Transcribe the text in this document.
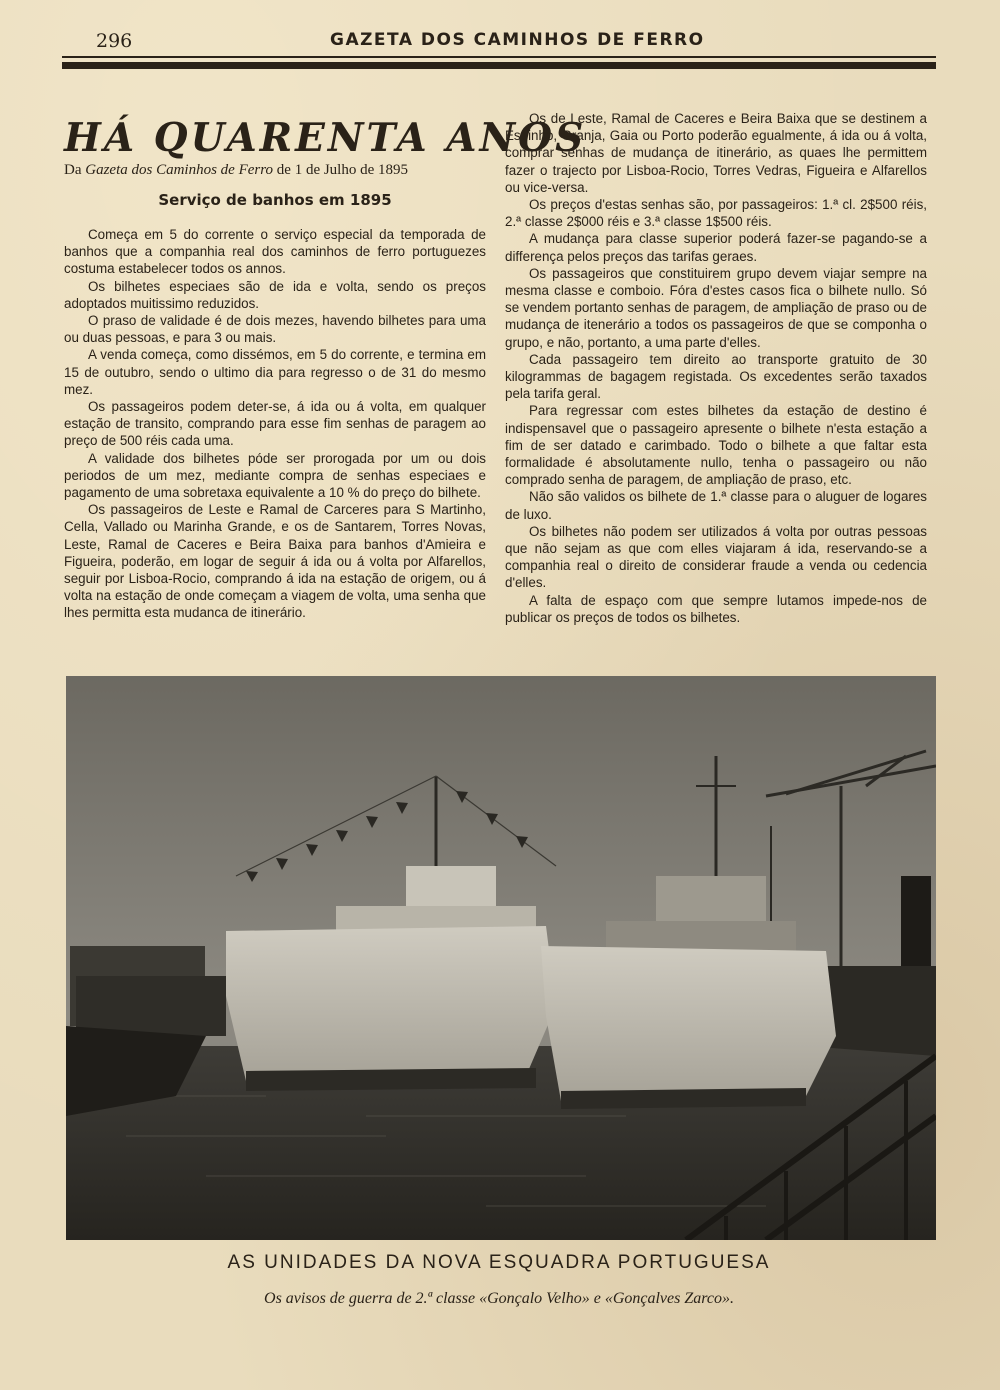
296	GAZETA DOS CAMINHOS DE FERRO
HÁ QUARENTA ANOS
Da Gazeta dos Caminhos de Ferro de 1 de Julho de 1895
Serviço de banhos em 1895

Começa em 5 do corrente o serviço especial da temporada de banhos que a companhia real dos caminhos de ferro portuguezes costuma estabelecer todos os annos.

Os bilhetes especiaes são de ida e volta, sendo os preços adoptados muitissimo reduzidos.

O praso de validade é de dois mezes, havendo bilhetes para uma ou duas pessoas, e para 3 ou mais.

A venda começa, como dissémos, em 5 do corrente, e termina em 15 de outubro, sendo o ultimo dia para regresso o de 31 do mesmo mez.

Os passageiros podem deter-se, á ida ou á volta, em qualquer estação de transito, comprando para esse fim senhas de paragem ao preço de 500 réis cada uma.

A validade dos bilhetes póde ser prorogada por um ou dois periodos de um mez, mediante compra de senhas especiaes e pagamento de uma sobretaxa equivalente a 10 % do preço do bilhete.

Os passageiros de Leste e Ramal de Carceres para S Martinho, Cella, Vallado ou Marinha Grande, e os de Santarem, Torres Novas, Leste, Ramal de Caceres e Beira Baixa para banhos d'Amieira e Figueira, poderão, em logar de seguir á ida ou á volta por Alfarellos, seguir por Lisboa-Rocio, comprando á ida na estação de origem, ou á volta na estação de onde começam a viagem de volta, uma senha que lhes permitta esta mudanca de itinerário.

Os de Leste, Ramal de Caceres e Beira Baixa que se destinem a Espinho, Granja, Gaia ou Porto poderão egualmente, á ida ou á volta, comprar senhas de mudança de itinerário, as quaes lhe permittem fazer o trajecto por Lisboa-Rocio, Torres Vedras, Figueira e Alfarellos ou vice-versa.

Os preços d'estas senhas são, por passageiros: 1.ª cl. 2$500 réis, 2.ª classe 2$000 réis e 3.ª classe 1$500 réis.

A mudança para classe superior poderá fazer-se pagando-se a differença pelos preços das tarifas geraes.

Os passageiros que constituirem grupo devem viajar sempre na mesma classe e comboio. Fóra d'estes casos fica o bilhete nullo. Só se vendem portanto senhas de paragem, de ampliação de praso ou de mudança de itenerário a todos os passageiros de que se componha o grupo, e não, portanto, a uma parte d'elles.

Cada passageiro tem direito ao transporte gratuito de 30 kilogrammas de bagagem registada. Os excedentes serão taxados pela tarifa geral.

Para regressar com estes bilhetes da estação de destino é indispensavel que o passageiro apresente o bilhete n'esta estação a fim de ser datado e carimbado. Todo o bilhete a que faltar esta formalidade é absolutamente nullo, tenha o passageiro ou não comprado senha de paragem, de ampliação de praso, etc.

Não são validos os bilhete de 1.ª classe para o aluguer de logares de luxo.

Os bilhetes não podem ser utilizados á volta por outras pessoas que não sejam as que com elles viajaram á ida, reservando-se a companhia real o direito de considerar fraude a venda ou cedencia d'elles.

A falta de espaço com que sempre lutamos impede-nos de publicar os preços de todos os bilhetes.

AS UNIDADES DA NOVA ESQUADRA PORTUGUESA
Os avisos de guerra de 2.ª classe «Gonçalo Velho» e «Gonçalves Zarco».
